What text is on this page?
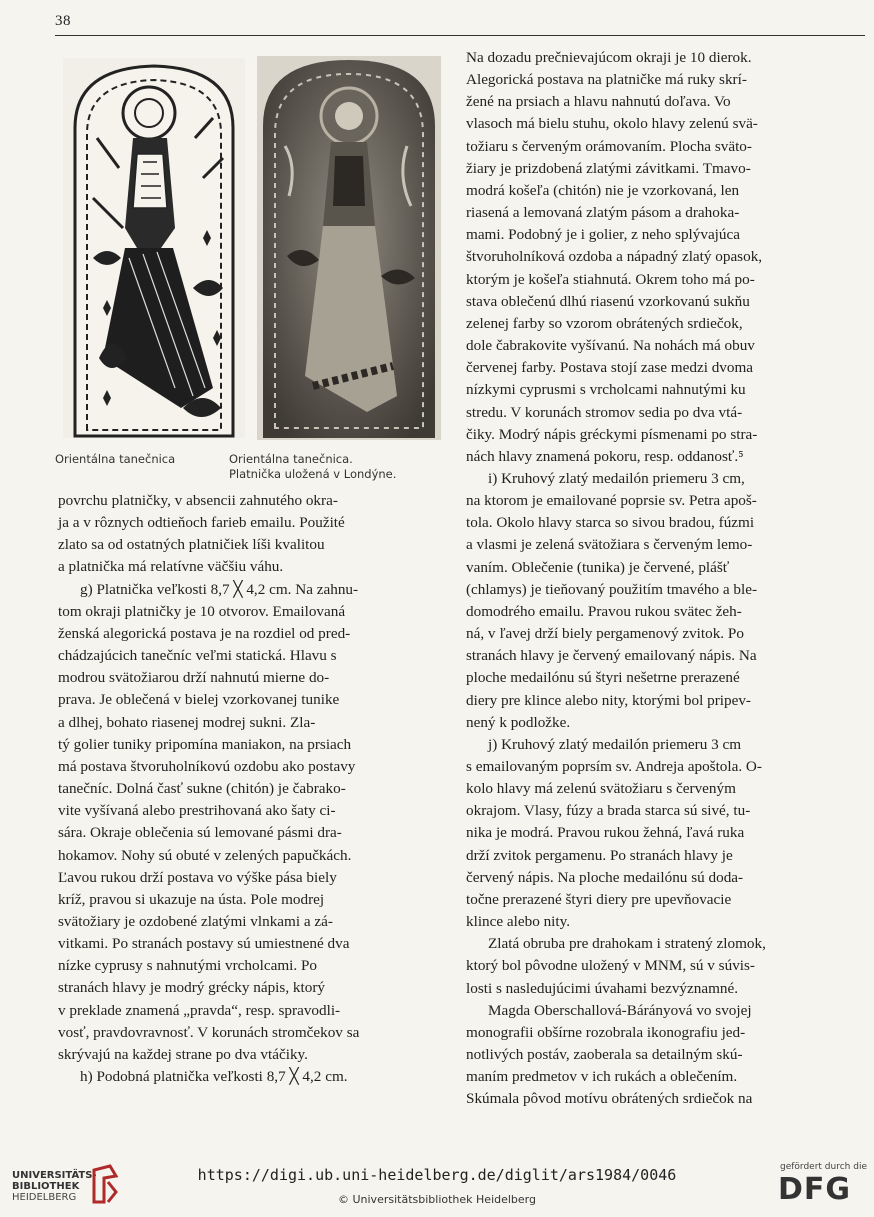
38
Orientálna tanečnica	Orientálna tanečnica.
Platnička uložená v Londýne.

povrchu platničky, v absencii zahnutého okra-

ja a v rôznych odtieňoch farieb emailu. Použité

zlato sa od ostatných platničiek líši kvalitou

a platnička má relatívne väčšiu váhu.

g) Platnička veľkosti 8,7 ╳ 4,2 cm. Na zahnu-

tom okraji platničky je 10 otvorov. Emailovaná

ženská alegorická postava je na rozdiel od pred-

chádzajúcich tanečníc veľmi statická. Hlavu s

modrou svätožiarou drží nahnutú mierne do-

prava. Je oblečená v bielej vzorkovanej tunike

a dlhej, bohato riasenej modrej sukni. Zla-

tý golier tuniky pripomína maniakon, na prsiach

má postava štvoruholníkovú ozdobu ako postavy

tanečníc. Dolná časť sukne (chitón) je čabrako-

vite vyšívaná alebo prestrihovaná ako šaty ci-

sára. Okraje oblečenia sú lemované pásmi dra-

hokamov. Nohy sú obuté v zelených papučkách.

Ľavou rukou drží postava vo výške pása biely

kríž, pravou si ukazuje na ústa. Pole modrej

svätožiary je ozdobené zlatými vlnkami a zá-

vitkami. Po stranách postavy sú umiestnené dva

nízke cyprusy s nahnutými vrcholcami. Po

stranách hlavy je modrý grécky nápis, ktorý

v preklade znamená „pravda“, resp. spravodli-

vosť, pravdovravnosť. V korunách stromčekov sa

skrývajú na každej strane po dva vtáčiky.

h) Podobná platnička veľkosti 8,7 ╳ 4,2 cm.

Na dozadu prečnievajúcom okraji je 10 dierok.

Alegorická postava na platničke má ruky skrí-

žené na prsiach a hlavu nahnutú doľava. Vo

vlasoch má bielu stuhu, okolo hlavy zelenú svä-

tožiaru s červeným orámovaním. Plocha svätο-

žiary je prizdobená zlatými závitkami. Tmavo-

modrá košeľa (chitón) nie je vzorkovaná, len

riasená a lemovaná zlatým pásom a drahoka-

mami. Podobný je i golier, z neho splývajúca

štvoruholníková ozdoba a nápadný zlatý opasok,

ktorým je košeľa stiahnutá. Okrem toho má po-

stava oblečenú dlhú riasenú vzorkovanú sukňu

zelenej farby so vzorom obrátených srdiečok,

dole čabrakovite vyšívanú. Na nohách má obuv

červenej farby. Postava stojí zase medzi dvoma

nízkymi cyprusmi s vrcholcami nahnutými ku

stredu. V korunách stromov sedia po dva vtá-

čiky. Modrý nápis gréckymi písmenami po stra-

nách hlavy znamená pokoru, resp. oddanosť.⁵

i) Kruhový zlatý medailón priemeru 3 cm,

na ktorom je emailované poprsie sv. Petra apoš-

tola. Okolo hlavy starca so sivou bradou, fúzmi

a vlasmi je zelená svätožiara s červeným lemo-

vaním. Oblečenie (tunika) je červené, plášť

(chlamys) je tieňovaný použitím tmavého a ble-

domodrého emailu. Pravou rukou svätec žeh-

ná, v ľavej drží biely pergamenový zvitok. Po

stranách hlavy je červený emailovaný nápis. Na

ploche medailónu sú štyri nešetrne prerazené

diery pre klince alebo nity, ktorými bol pripev-

nený k podložke.

j) Kruhový zlatý medailón priemeru 3 cm

s emailovaným poprsím sv. Andreja apoštola. O-

kolo hlavy má zelenú svätožiaru s červeným

okrajom. Vlasy, fúzy a brada starca sú sivé, tu-

nika je modrá. Pravou rukou žehná, ľavá ruka

drží zvitok pergamenu. Po stranách hlavy je

červený nápis. Na ploche medailónu sú doda-

točne prerazené štyri diery pre upevňovacie

klince alebo nity.

Zlatá obruba pre drahokam i stratený zlomok,

ktorý bol pôvodne uložený v MNM, sú v súvis-

losti s nasledujúcimi úvahami bezvýznamné.

Magda Oberschallová-Bárányová vo svojej

monografii obšírne rozobrala ikonografiu jed-

notlivých postáv, zaoberala sa detailným skú-

maním predmetov v ich rukách a oblečením.

Skúmala pôvod motívu obrátených srdiečok na

UNIVERSITÄTS-
BIBLIOTHEK
HEIDELBERG
https://digi.ub.uni-heidelberg.de/diglit/ars1984/0046
© Universitätsbibliothek Heidelberg
gefördert durch die
DFG
